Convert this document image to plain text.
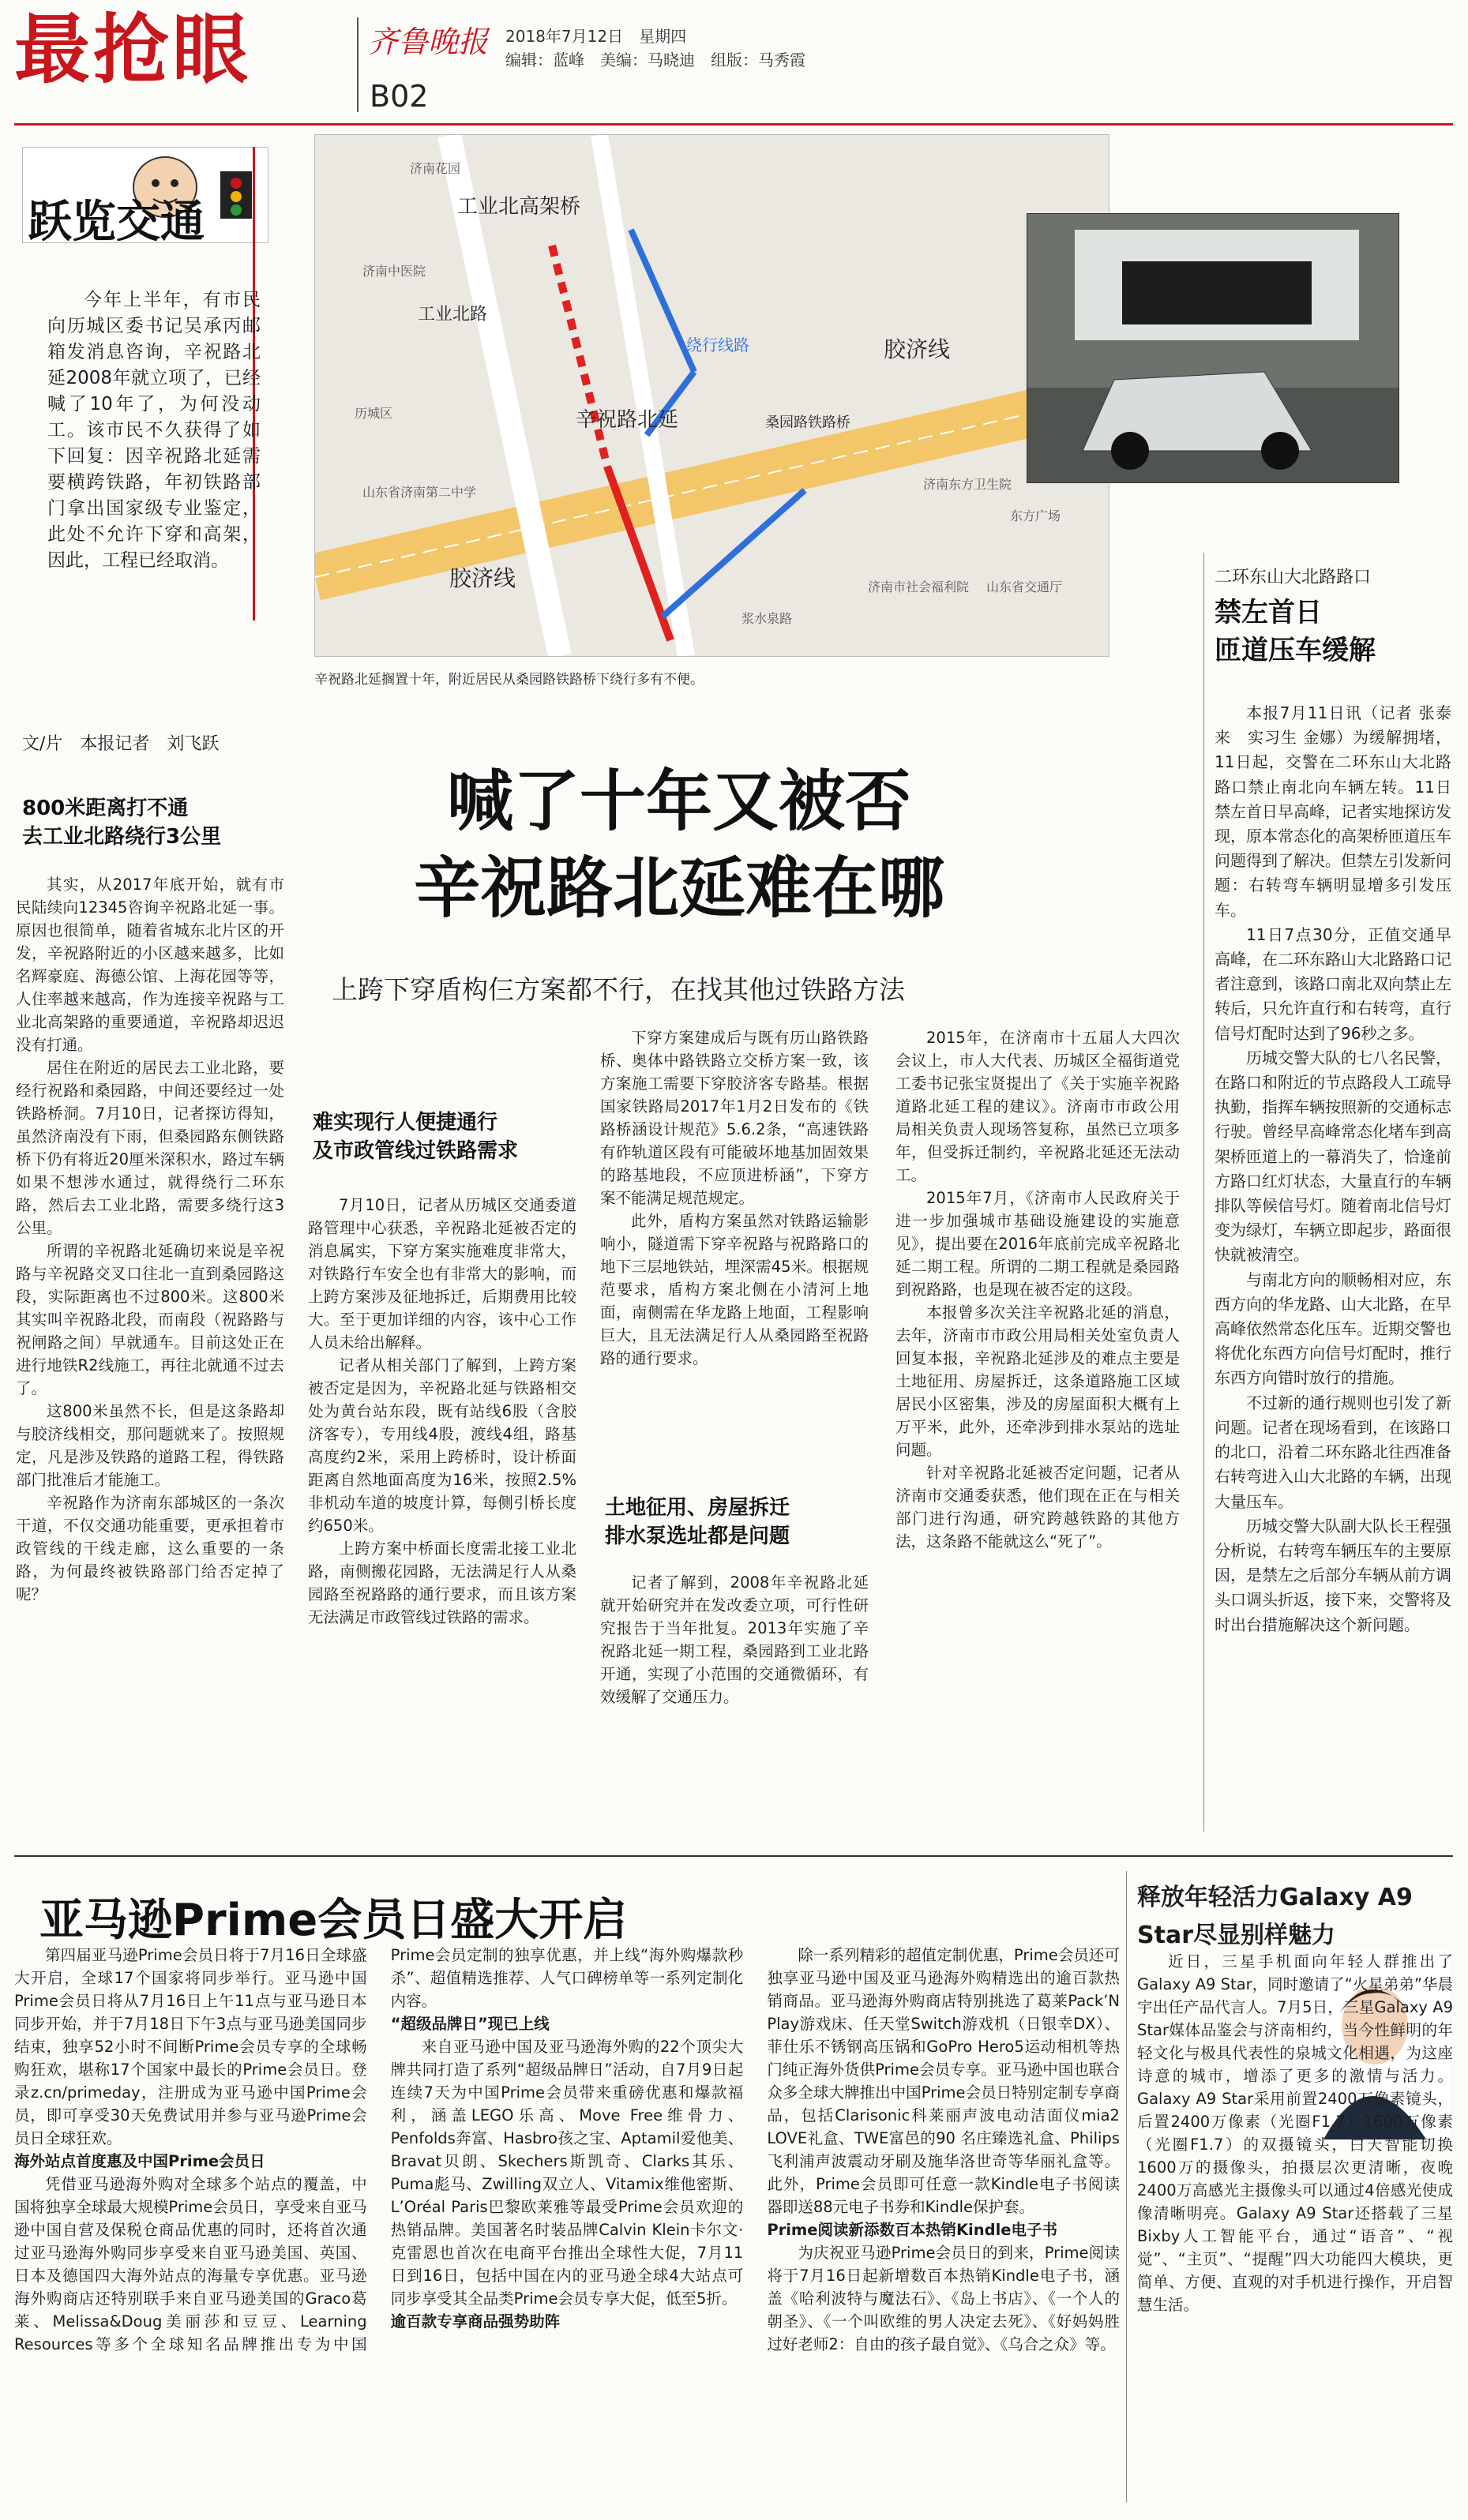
最抢眼	齐鲁晚报
B02
2018年7月12日　星期四
编辑：蓝峰　美编：马晓迪　组版：马秀霞
跃览交通

今年上半年，有市民向历城区委书记吴承丙邮箱发消息咨询，辛祝路北延2008年就立项了，已经喊了10年了，为何没动工。该市民不久获得了如下回复：因辛祝路北延需要横跨铁路，年初铁路部门拿出国家级专业鉴定，此处不允许下穿和高架，因此，工程已经取消。

济南花园
工业北高架桥
济南中医院
绕行线路
工业北路
辛祝路北延
胶济线
桑园路铁路桥
历城区
山东省济南第二中学
济南东方卫生院
东方广场
胶济线	山东省交通厅
浆水泉路
济南市社会福利院
辛祝路北延搁置十年，附近居民从桑园路铁路桥下绕行多有不便。
二环东山大北路路口
禁左首日
匝道压车缓解

本报7月11日讯（记者 张泰来　实习生 金娜）为缓解拥堵，11日起，交警在二环东山大北路路口禁止南北向车辆左转。11日禁左首日早高峰，记者实地探访发现，原本常态化的高架桥匝道压车问题得到了解决。但禁左引发新问题：右转弯车辆明显增多引发压车。

11日7点30分，正值交通早高峰，在二环东路山大北路路口记者注意到，该路口南北双向禁止左转后，只允许直行和右转弯，直行信号灯配时达到了96秒之多。

历城交警大队的七八名民警，在路口和附近的节点路段人工疏导执勤，指挥车辆按照新的交通标志行驶。曾经早高峰常态化堵车到高架桥匝道上的一幕消失了，恰逢前方路口红灯状态，大量直行的车辆排队等候信号灯。随着南北信号灯变为绿灯，车辆立即起步，路面很快就被清空。

与南北方向的顺畅相对应，东西方向的华龙路、山大北路，在早高峰依然常态化压车。近期交警也将优化东西方向信号灯配时，推行东西方向错时放行的措施。

不过新的通行规则也引发了新问题。记者在现场看到，在该路口的北口，沿着二环东路北往西准备右转弯进入山大北路的车辆，出现大量压车。

历城交警大队副大队长王程强分析说，右转弯车辆压车的主要原因，是禁左之后部分车辆从前方调头口调头折返，接下来，交警将及时出台措施解决这个新问题。

文/片　本报记者　刘飞跃
喊了十年又被否
辛祝路北延难在哪
上跨下穿盾构仨方案都不行，在找其他过铁路方法
800米距离打不通
去工业北路绕行3公里

其实，从2017年底开始，就有市民陆续向12345咨询辛祝路北延一事。原因也很简单，随着省城东北片区的开发，辛祝路附近的小区越来越多，比如名辉豪庭、海德公馆、上海花园等等，人住率越来越高，作为连接辛祝路与工业北高架路的重要通道，辛祝路却迟迟没有打通。

居住在附近的居民去工业北路，要经行祝路和桑园路，中间还要经过一处铁路桥洞。7月10日，记者探访得知，虽然济南没有下雨，但桑园路东侧铁路桥下仍有将近20厘米深积水，路过车辆如果不想涉水通过，就得绕行二环东路，然后去工业北路，需要多绕行这3公里。

所谓的辛祝路北延确切来说是辛祝路与辛祝路交叉口往北一直到桑园路这段，实际距离也不过800米。这800米其实叫辛祝路北段，而南段（祝路路与祝闸路之间）早就通车。目前这处正在进行地铁R2线施工，再往北就通不过去了。

这800米虽然不长，但是这条路却与胶济线相交，那问题就来了。按照规定，凡是涉及铁路的道路工程，得铁路部门批准后才能施工。

辛祝路作为济南东部城区的一条次干道，不仅交通功能重要，更承担着市政管线的干线走廊，这么重要的一条路，为何最终被铁路部门给否定掉了呢？

难实现行人便捷通行
及市政管线过铁路需求

7月10日，记者从历城区交通委道路管理中心获悉，辛祝路北延被否定的消息属实，下穿方案实施难度非常大，对铁路行车安全也有非常大的影响，而上跨方案涉及征地拆迁，后期费用比较大。至于更加详细的内容，该中心工作人员未给出解释。

记者从相关部门了解到，上跨方案被否定是因为，辛祝路北延与铁路相交处为黄台站东段，既有站线6股（含胶济客专），专用线4股，渡线4组，路基高度约2米，采用上跨桥时，设计桥面距离自然地面高度为16米，按照2.5%非机动车道的坡度计算，每侧引桥长度约650米。

上跨方案中桥面长度需北接工业北路，南侧搬花园路，无法满足行人从桑园路至祝路路的通行要求，而且该方案无法满足市政管线过铁路的需求。

下穿方案建成后与既有历山路铁路桥、奥体中路铁路立交桥方案一致，该方案施工需要下穿胶济客专路基。根据国家铁路局2017年1月2日发布的《铁路桥涵设计规范》5.6.2条，“高速铁路有砟轨道区段有可能破坏地基加固效果的路基地段，不应顶进桥涵”，下穿方案不能满足规范规定。

此外，盾构方案虽然对铁路运输影响小，隧道需下穿辛祝路与祝路路口的地下三层地铁站，埋深需45米。根据规范要求，盾构方案北侧在小清河上地面，南侧需在华龙路上地面，工程影响巨大，且无法满足行人从桑园路至祝路路的通行要求。

土地征用、房屋拆迁
排水泵选址都是问题

记者了解到，2008年辛祝路北延就开始研究并在发改委立项，可行性研究报告于当年批复。2013年实施了辛祝路北延一期工程，桑园路到工业北路开通，实现了小范围的交通微循环，有效缓解了交通压力。

2015年，在济南市十五届人大四次会议上，市人大代表、历城区全福街道党工委书记张宝贤提出了《关于实施辛祝路道路北延工程的建议》。济南市市政公用局相关负责人现场答复称，虽然已立项多年，但受拆迁制约，辛祝路北延还无法动工。

2015年7月，《济南市人民政府关于进一步加强城市基础设施建设的实施意见》，提出要在2016年底前完成辛祝路北延二期工程。所谓的二期工程就是桑园路到祝路路，也是现在被否定的这段。

本报曾多次关注辛祝路北延的消息，去年，济南市市政公用局相关处室负责人回复本报，辛祝路北延涉及的难点主要是土地征用、房屋拆迁，这条道路施工区域居民小区密集，涉及的房屋面积大概有上万平米，此外，还牵涉到排水泵站的选址问题。

针对辛祝路北延被否定问题，记者从济南市交通委获悉，他们现在正在与相关部门进行沟通，研究跨越铁路的其他方法，这条路不能就这么“死了”。

亚马逊Prime会员日盛大开启

第四届亚马逊Prime会员日将于7月16日全球盛大开启，全球17个国家将同步举行。亚马逊中国Prime会员日将从7月16日上午11点与亚马逊日本同步开始，并于7月18日下午3点与亚马逊美国同步结束，独享52小时不间断Prime会员专享的全球畅购狂欢，堪称17个国家中最长的Prime会员日。登录z.cn/primeday，注册成为亚马逊中国Prime会员，即可享受30天免费试用并参与亚马逊Prime会员日全球狂欢。

海外站点首度惠及中国Prime会员日

凭借亚马逊海外购对全球多个站点的覆盖，中国将独享全球最大规模Prime会员日，享受来自亚马逊中国自营及保税仓商品优惠的同时，还将首次通过亚马逊海外购同步享受来自亚马逊美国、英国、日本及德国四大海外站点的海量专享优惠。亚马逊海外购商店还特别联手来自亚马逊美国的Graco葛莱、Melissa&Doug美丽莎和豆豆、Learning Resources等多个全球知名品牌推出专为中国Prime会员定制的独享优惠，并上线“海外购爆款秒杀”、超值精选推荐、人气口碑榜单等一系列定制化内容。

“超级品牌日”现已上线

来自亚马逊中国及亚马逊海外购的22个顶尖大牌共同打造了系列“超级品牌日”活动，自7月9日起连续7天为中国Prime会员带来重磅优惠和爆款福利，涵盖LEGO乐高、Move Free维骨力、Penfolds奔富、Hasbro孩之宝、Aptamil爱他美、Bravat贝朗、Skechers斯凯奇、Clarks其乐、Puma彪马、Zwilling双立人、Vitamix维他密斯、L’Oréal Paris巴黎欧莱雅等最受Prime会员欢迎的热销品牌。美国著名时装品牌Calvin Klein卡尔文·克雷恩也首次在电商平台推出全球性大促，7月11日到16日，包括中国在内的亚马逊全球4大站点可同步享受其全品类Prime会员专享大促，低至5折。

逾百款专享商品强势助阵

除一系列精彩的超值定制优惠，Prime会员还可独享亚马逊中国及亚马逊海外购精选出的逾百款热销商品。亚马逊海外购商店特别挑选了葛莱Pack’N Play游戏床、任天堂Switch游戏机（日银幸DX）、菲仕乐不锈钢高压锅和GoPro Hero5运动相机等热门纯正海外货供Prime会员专享。亚马逊中国也联合众多全球大牌推出中国Prime会员日特别定制专享商品，包括Clarisonic科莱丽声波电动洁面仪mia2 LOVE礼盒、TWE富邑的90 名庄臻选礼盒、Philips飞利浦声波震动牙刷及施华洛世奇等华丽礼盒等。此外，Prime会员即可任意一款Kindle电子书阅读器即送88元电子书券和Kindle保护套。

Prime阅读新添数百本热销Kindle电子书

为庆祝亚马逊Prime会员日的到来，Prime阅读将于7月16日起新增数百本热销Kindle电子书，涵盖《哈利波特与魔法石》、《岛上书店》、《一个人的朝圣》、《一个叫欧维的男人决定去死》、《好妈妈胜过好老师2：自由的孩子最自觉》、《乌合之众》等。

释放年轻活力Galaxy A9 Star尽显别样魅力

近日，三星手机面向年轻人群推出了Galaxy A9 Star，同时邀请了“火星弟弟”华晨宇出任产品代言人。7月5日，三星Galaxy A9 Star媒体品鉴会与济南相约，当今性鲜明的年轻文化与极具代表性的泉城文化相遇，为这座诗意的城市，增添了更多的激情与活力。Galaxy A9 Star采用前置2400万像素镜头，后置2400万像素（光圈F1.7）1600万像素（光圈F1.7）的双摄镜头，白天智能切换1600万的摄像头，拍摄层次更清晰，夜晚2400万高感光主摄像头可以通过4倍感光使成像清晰明亮。Galaxy A9 Star还搭载了三星Bixby人工智能平台，通过“语音”、“视觉”、“主页”、“提醒”四大功能四大模块，更简单、方便、直观的对手机进行操作，开启智慧生活。
